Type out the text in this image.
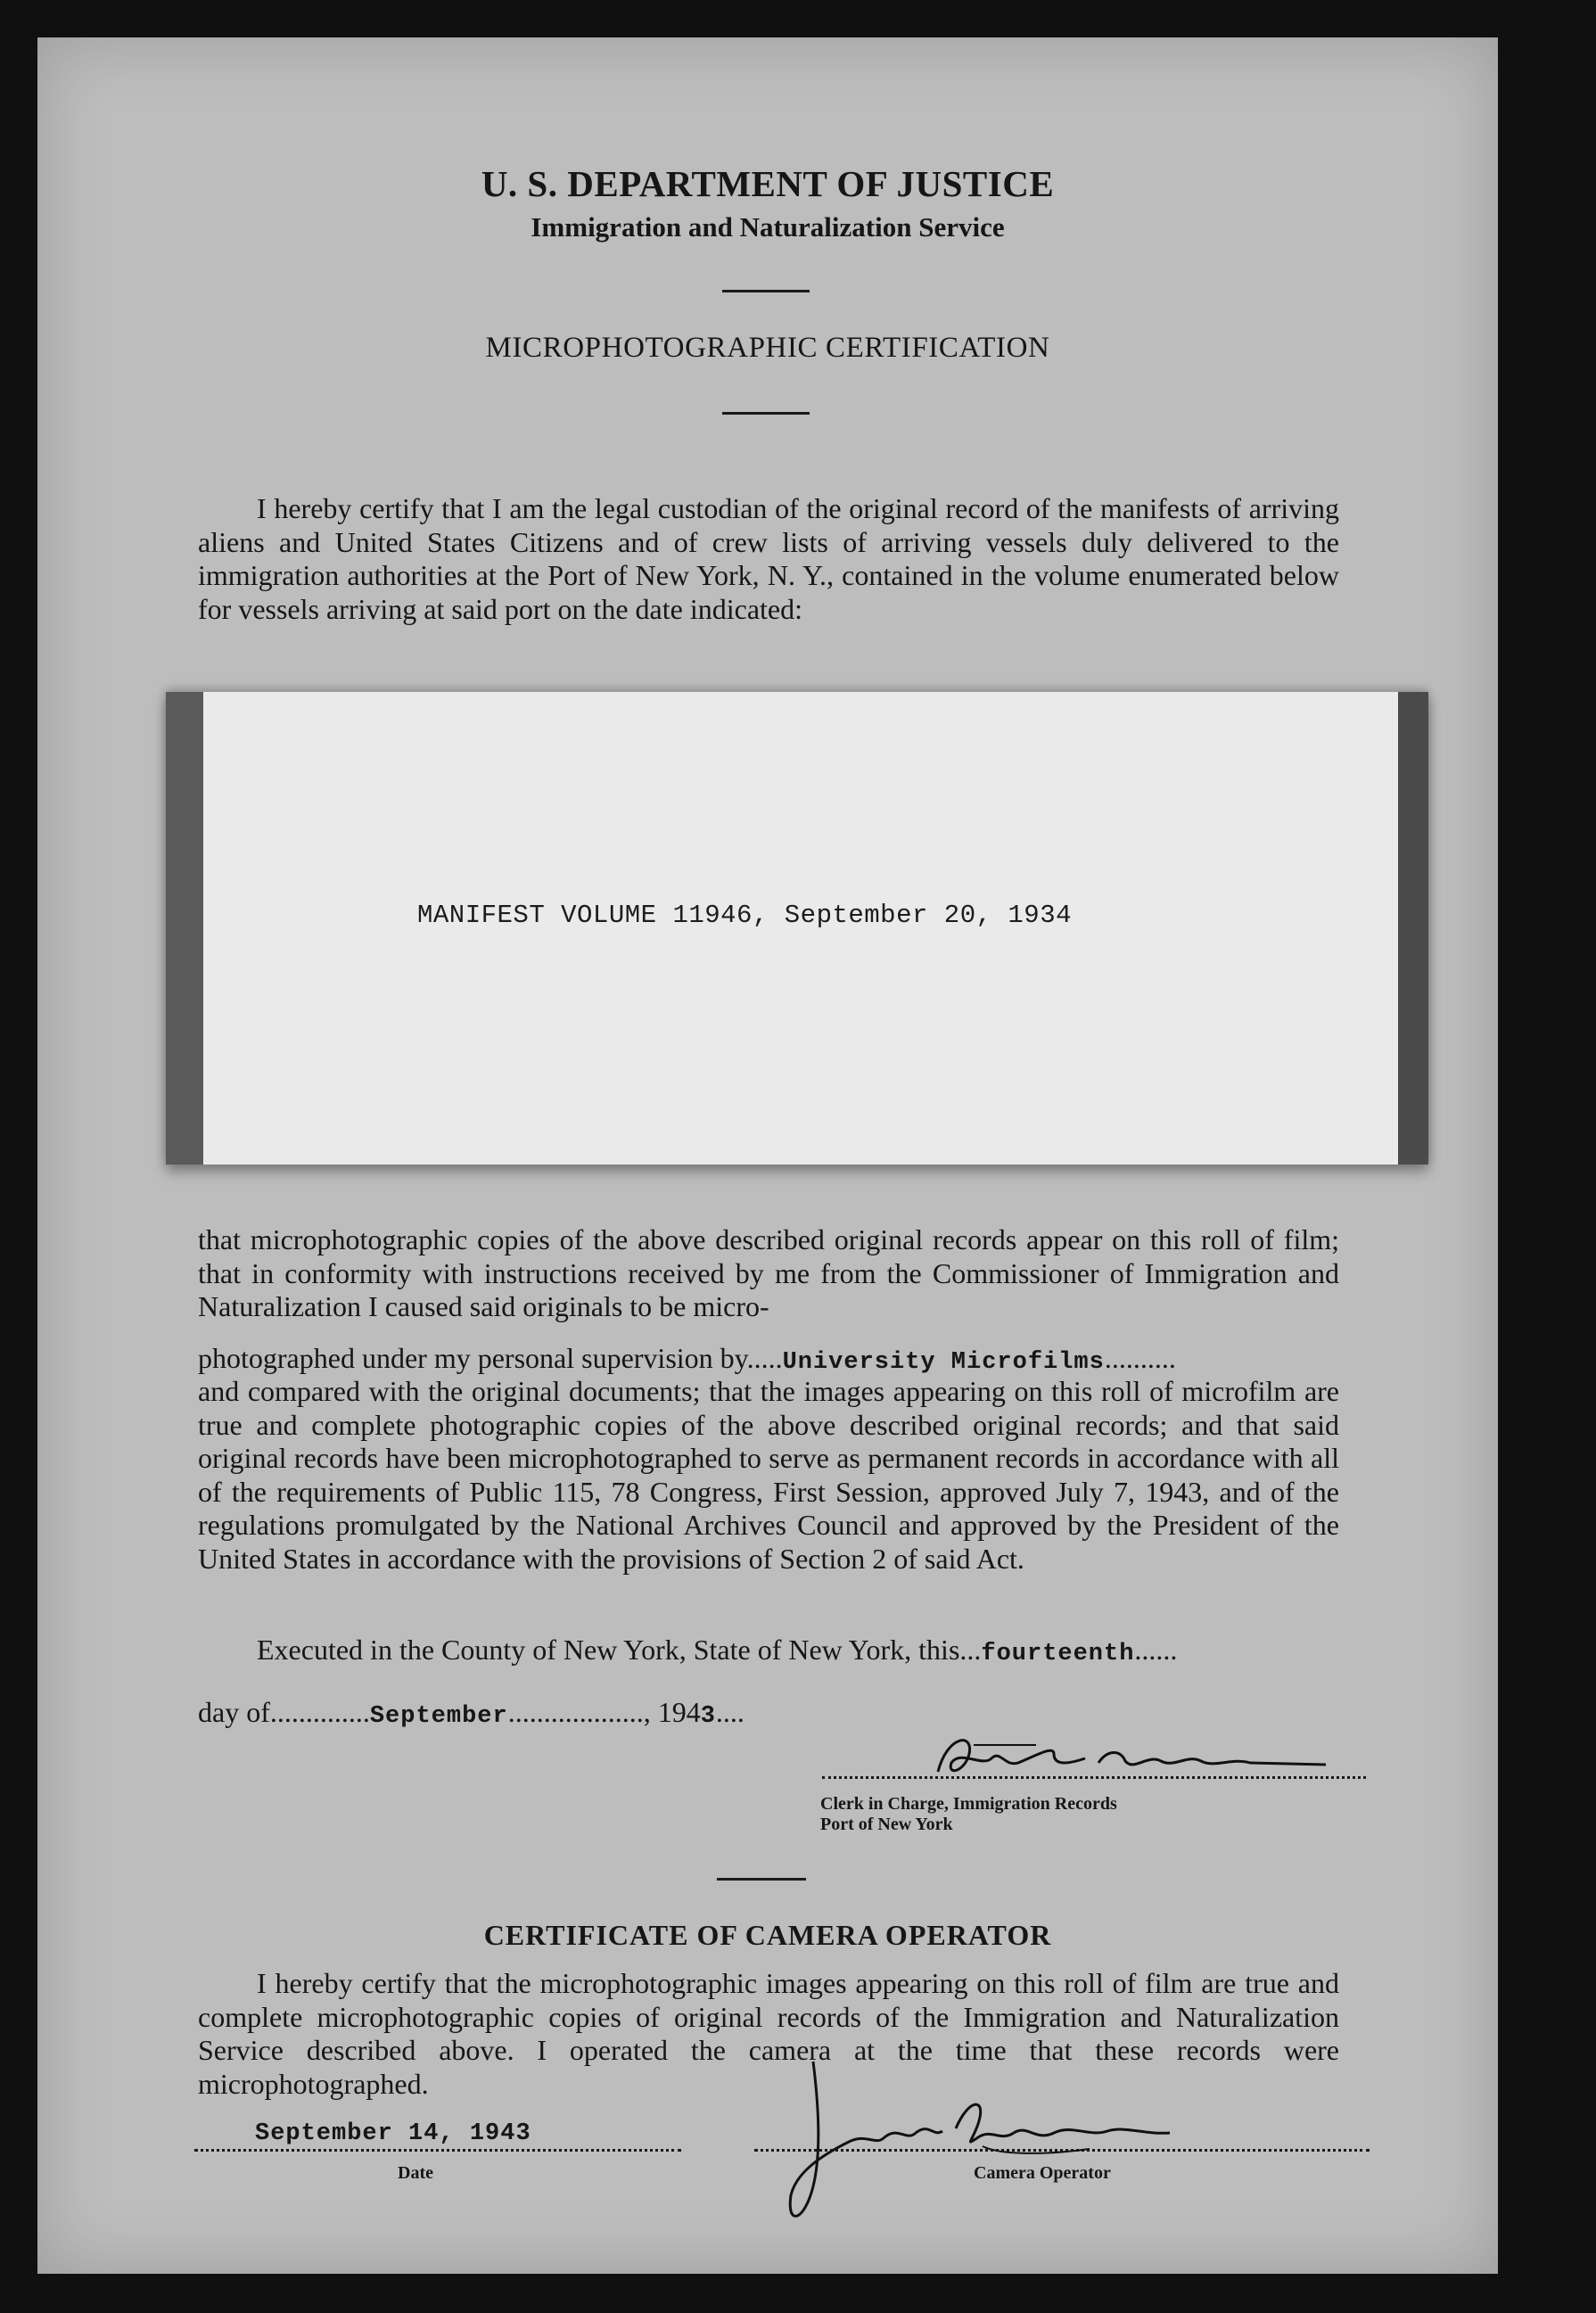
U. S. DEPARTMENT OF JUSTICE
Immigration and Naturalization Service
MICROPHOTOGRAPHIC CERTIFICATION
I hereby certify that I am the legal custodian of the original record of the manifests of arriving aliens and United States Citizens and of crew lists of arriving vessels duly delivered to the immigration authorities at the Port of New York, N. Y., contained in the volume enumerated below for vessels arriving at said port on the date indicated:
MANIFEST VOLUME 11946, September 20, 1934
that microphotographic copies of the above described original records appear on this roll of film; that in conformity with instructions received by me from the Commissioner of Immigration and Naturalization I caused said originals to be micro-
photographed under my personal supervision by.....University Microfilms..........
and compared with the original documents; that the images appearing on this roll of microfilm are true and complete photographic copies of the above described original records; and that said original records have been microphotographed to serve as permanent records in accordance with all of the requirements of Public 115, 78 Congress, First Session, approved July 7, 1943, and of the regulations promulgated by the National Archives Council and approved by the President of the United States in accordance with the provisions of Section 2 of said Act.
Executed in the County of New York, State of New York, this...fourteenth......
day of..............September..................., 1943....
Clerk in Charge, Immigration Records
Port of New York
CERTIFICATE OF CAMERA OPERATOR
I hereby certify that the microphotographic images appearing on this roll of film are true and complete microphotographic copies of original records of the Immigration and Naturalization Service described above. I operated the camera at the time that these records were microphotographed.
September 14, 1943
Date	Camera Operator
